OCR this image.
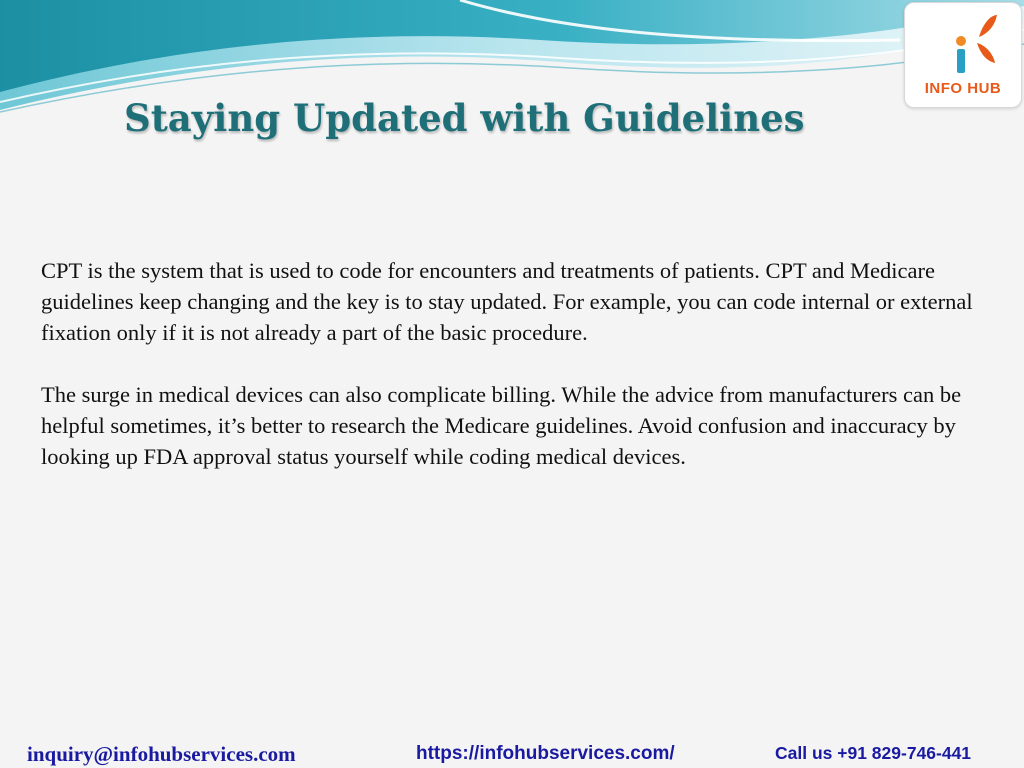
INFO HUB
Staying Updated with Guidelines

CPT is the system that is used to code for encounters and treatments of patients. CPT and Medicare guidelines keep changing and the key is to stay updated. For example, you can code internal or external fixation only if it is not already a part of the basic procedure.

The surge in medical devices can also complicate billing. While the advice from manufacturers can be helpful sometimes, it’s better to research the Medicare guidelines. Avoid confusion and inaccuracy by looking up FDA approval status yourself while coding medical devices.

inquiry@infohubservices.com	https://infohubservices.com/	Call us +91 829-746-441
